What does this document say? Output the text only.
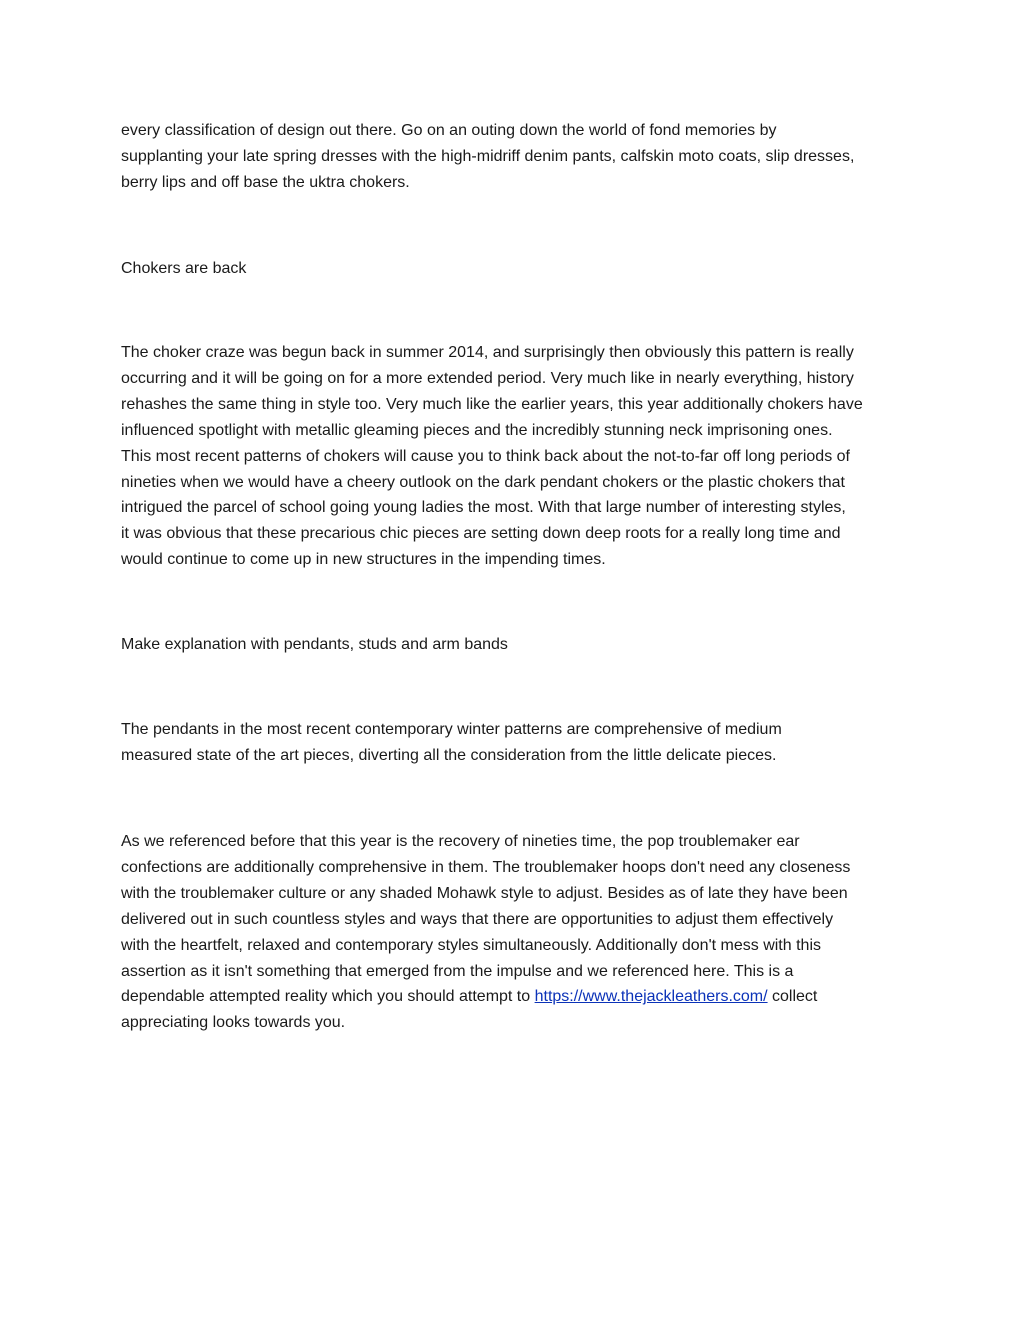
every classification of design out there. Go on an outing down the world of fond memories by
supplanting your late spring dresses with the high-midriff denim pants, calfskin moto coats, slip dresses,
berry lips and off base the uktra chokers.

Chokers are back

The choker craze was begun back in summer 2014, and surprisingly then obviously this pattern is really
occurring and it will be going on for a more extended period. Very much like in nearly everything, history
rehashes the same thing in style too. Very much like the earlier years, this year additionally chokers have
influenced spotlight with metallic gleaming pieces and the incredibly stunning neck imprisoning ones.
This most recent patterns of chokers will cause you to think back about the not-to-far off long periods of
nineties when we would have a cheery outlook on the dark pendant chokers or the plastic chokers that
intrigued the parcel of school going young ladies the most. With that large number of interesting styles,
it was obvious that these precarious chic pieces are setting down deep roots for a really long time and
would continue to come up in new structures in the impending times.

Make explanation with pendants, studs and arm bands

The pendants in the most recent contemporary winter patterns are comprehensive of medium
measured state of the art pieces, diverting all the consideration from the little delicate pieces.

As we referenced before that this year is the recovery of nineties time, the pop troublemaker ear
confections are additionally comprehensive in them. The troublemaker hoops don't need any closeness
with the troublemaker culture or any shaded Mohawk style to adjust. Besides as of late they have been
delivered out in such countless styles and ways that there are opportunities to adjust them effectively
with the heartfelt, relaxed and contemporary styles simultaneously. Additionally don't mess with this
assertion as it isn't something that emerged from the impulse and we referenced here. This is a
dependable attempted reality which you should attempt to https://www.thejackleathers.com/ collect
appreciating looks towards you.
